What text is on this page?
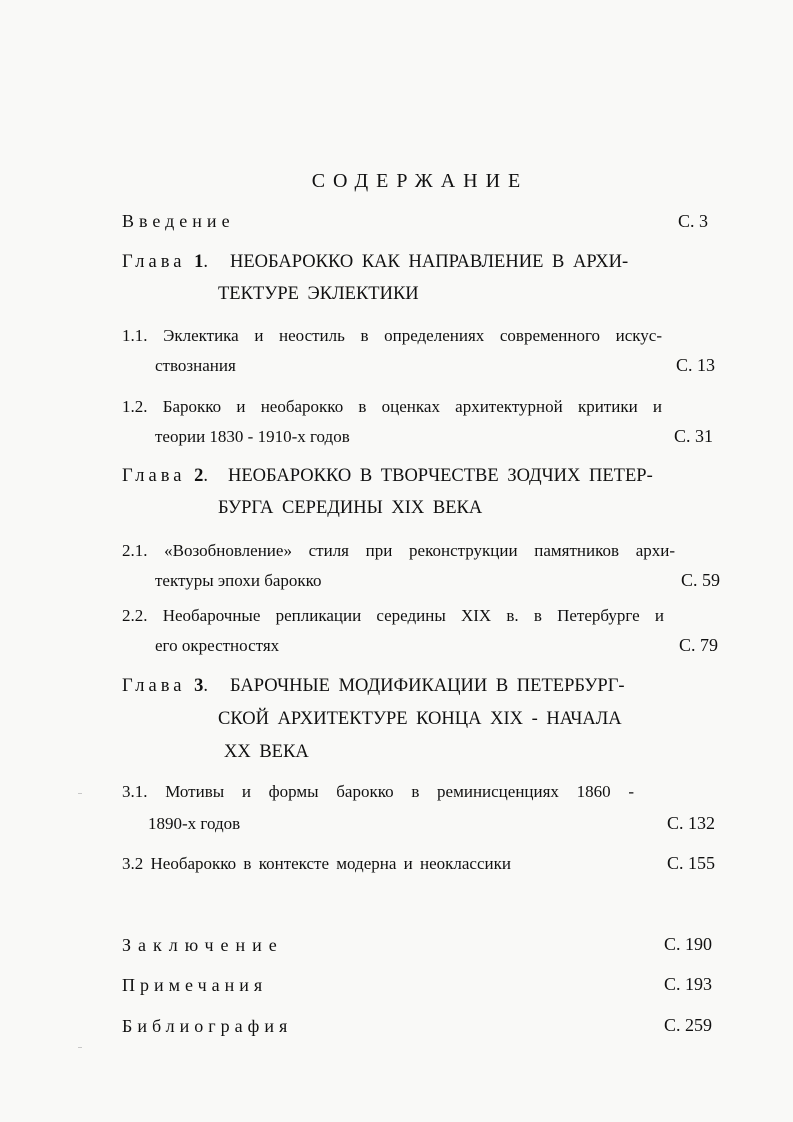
СОДЕРЖАНИЕ
Введение	С. 3
Глава 1. НЕОБАРОККО КАК НАПРАВЛЕНИЕ В АРХИ-
ТЕКТУРЕ ЭКЛЕКТИКИ
1.1. Эклектика и неостиль в определениях современного искус-
ствознания	С. 13
1.2. Барокко и необарокко в оценках архитектурной критики и
теории 1830 - 1910-х годов	С. 31
Глава 2. НЕОБАРОККО В ТВОРЧЕСТВЕ ЗОДЧИХ ПЕТЕР-
БУРГА СЕРЕДИНЫ XIX ВЕКА
2.1. «Возобновление» стиля при реконструкции памятников архи-
тектуры эпохи барокко	С. 59
2.2. Необарочные репликации середины XIX в. в Петербурге и
его окрестностях	С. 79
Глава 3. БАРОЧНЫЕ МОДИФИКАЦИИ В ПЕТЕРБУРГ-
СКОЙ АРХИТЕКТУРЕ КОНЦА XIX - НАЧАЛА
XX ВЕКА
3.1. Мотивы и формы барокко в реминисценциях 1860 -
1890-х годов	С. 132
3.2 Необарокко в контексте модерна и неоклассики	С. 155
Заключение	С. 190
Примечания	С. 193
Библиография	С. 259
